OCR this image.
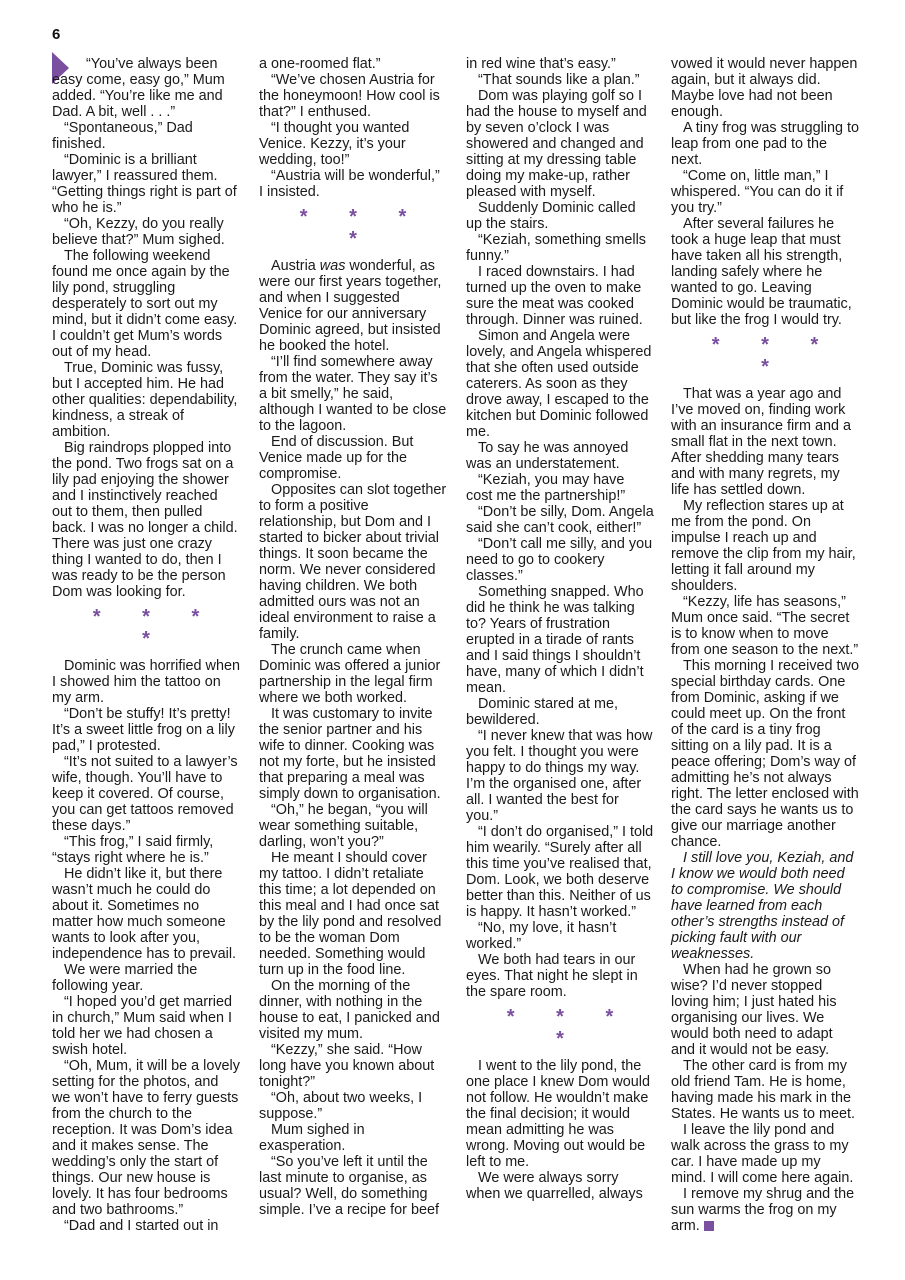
6

“You’ve always been easy come, easy go,” Mum added. “You’re like me and Dad. A bit, well . . .”

“Spontaneous,” Dad finished.

“Dominic is a brilliant lawyer,” I reassured them. “Getting things right is part of who he is.”

“Oh, Kezzy, do you really believe that?” Mum sighed.

The following weekend found me once again by the lily pond, struggling desperately to sort out my mind, but it didn’t come easy. I couldn’t get Mum’s words out of my head.

True, Dominic was fussy, but I accepted him. He had other qualities: dependability, kindness, a streak of ambition.

Big raindrops plopped into the pond. Two frogs sat on a lily pad enjoying the shower and I instinctively reached out to them, then pulled back. I was no longer a child. There was just one crazy thing I wanted to do, then I was ready to be the person Dom was looking for.

* * * *

Dominic was horrified when I showed him the tattoo on my arm.

“Don’t be stuffy! It’s pretty! It’s a sweet little frog on a lily pad,” I protested.

“It’s not suited to a lawyer’s wife, though. You’ll have to keep it covered. Of course, you can get tattoos removed these days.”

“This frog,” I said firmly, “stays right where he is.”

He didn’t like it, but there wasn’t much he could do about it. Sometimes no matter how much someone wants to look after you, independence has to prevail.

We were married the following year.

“I hoped you’d get married in church,” Mum said when I told her we had chosen a swish hotel.

“Oh, Mum, it will be a lovely setting for the photos, and we won’t have to ferry guests from the church to the reception. It was Dom’s idea and it makes sense. The wedding’s only the start of things. Our new house is lovely. It has four bedrooms and two bathrooms.”

“Dad and I started out in

a one-roomed flat.”

“We’ve chosen Austria for the honeymoon! How cool is that?” I enthused.

“I thought you wanted Venice. Kezzy, it’s your wedding, too!”

“Austria will be wonderful,” I insisted.

* * * *

Austria was wonderful, as were our first years together, and when I suggested Venice for our anniversary Dominic agreed, but insisted he booked the hotel.

“I’ll find somewhere away from the water. They say it’s a bit smelly,” he said, although I wanted to be close to the lagoon.

End of discussion. But Venice made up for the compromise.

Opposites can slot together to form a positive relationship, but Dom and I started to bicker about trivial things. It soon became the norm. We never considered having children. We both admitted ours was not an ideal environment to raise a family.

The crunch came when Dominic was offered a junior partnership in the legal firm where we both worked.

It was customary to invite the senior partner and his wife to dinner. Cooking was not my forte, but he insisted that preparing a meal was simply down to organisation.

“Oh,” he began, “you will wear something suitable, darling, won’t you?”

He meant I should cover my tattoo. I didn’t retaliate this time; a lot depended on this meal and I had once sat by the lily pond and resolved to be the woman Dom needed. Something would turn up in the food line.

On the morning of the dinner, with nothing in the house to eat, I panicked and visited my mum.

“Kezzy,” she said. “How long have you known about tonight?”

“Oh, about two weeks, I suppose.”

Mum sighed in exasperation.

“So you’ve left it until the last minute to organise, as usual? Well, do something simple. I’ve a recipe for beef

in red wine that’s easy.”

“That sounds like a plan.”

Dom was playing golf so I had the house to myself and by seven o’clock I was showered and changed and sitting at my dressing table doing my make-up, rather pleased with myself.

Suddenly Dominic called up the stairs.

“Keziah, something smells funny.”

I raced downstairs. I had turned up the oven to make sure the meat was cooked through. Dinner was ruined.

Simon and Angela were lovely, and Angela whispered that she often used outside caterers. As soon as they drove away, I escaped to the kitchen but Dominic followed me.

To say he was annoyed was an understatement.

“Keziah, you may have cost me the partnership!”

“Don’t be silly, Dom. Angela said she can’t cook, either!”

“Don’t call me silly, and you need to go to cookery classes.”

Something snapped. Who did he think he was talking to? Years of frustration erupted in a tirade of rants and I said things I shouldn’t have, many of which I didn’t mean.

Dominic stared at me, bewildered.

“I never knew that was how you felt. I thought you were happy to do things my way. I’m the organised one, after all. I wanted the best for you.”

“I don’t do organised,” I told him wearily. “Surely after all this time you’ve realised that, Dom. Look, we both deserve better than this. Neither of us is happy. It hasn’t worked.”

“No, my love, it hasn’t worked.”

We both had tears in our eyes. That night he slept in the spare room.

* * * *

I went to the lily pond, the one place I knew Dom would not follow. He wouldn’t make the final decision; it would mean admitting he was wrong. Moving out would be left to me.

We were always sorry when we quarrelled, always

vowed it would never happen again, but it always did. Maybe love had not been enough.

A tiny frog was struggling to leap from one pad to the next.

“Come on, little man,” I whispered. “You can do it if you try.”

After several failures he took a huge leap that must have taken all his strength, landing safely where he wanted to go. Leaving Dominic would be traumatic, but like the frog I would try.

* * * *

That was a year ago and I’ve moved on, finding work with an insurance firm and a small flat in the next town. After shedding many tears and with many regrets, my life has settled down.

My reflection stares up at me from the pond. On impulse I reach up and remove the clip from my hair, letting it fall around my shoulders.

“Kezzy, life has seasons,” Mum once said. “The secret is to know when to move from one season to the next.”

This morning I received two special birthday cards. One from Dominic, asking if we could meet up. On the front of the card is a tiny frog sitting on a lily pad. It is a peace offering; Dom’s way of admitting he’s not always right. The letter enclosed with the card says he wants us to give our marriage another chance.

I still love you, Keziah, and I know we would both need to compromise. We should have learned from each other’s strengths instead of picking fault with our weaknesses.

When had he grown so wise? I’d never stopped loving him; I just hated his organising our lives. We would both need to adapt and it would not be easy.

The other card is from my old friend Tam. He is home, having made his mark in the States. He wants us to meet.

I leave the lily pond and walk across the grass to my car. I have made up my mind. I will come here again.

I remove my shrug and the sun warms the frog on my arm.
